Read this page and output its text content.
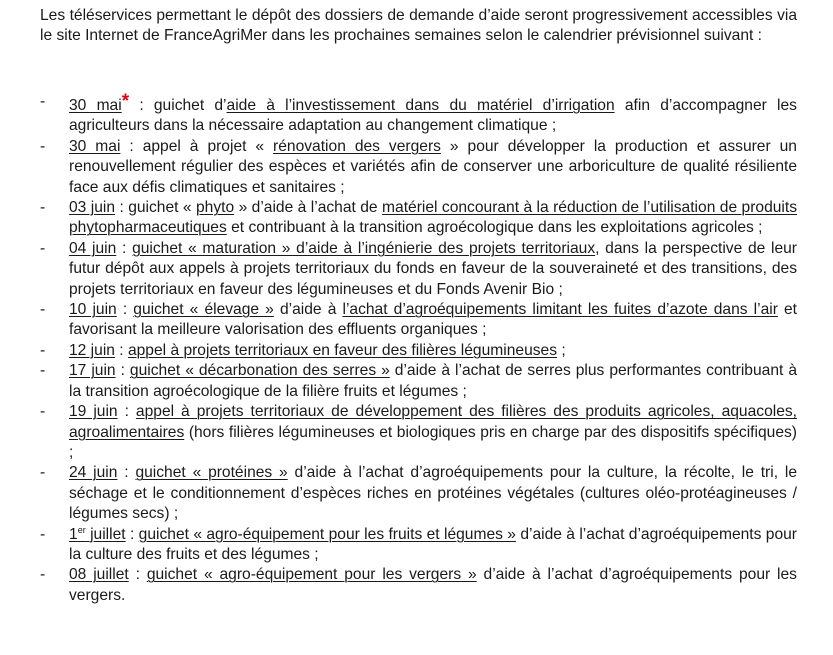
Les téléservices permettant le dépôt des dossiers de demande d’aide seront progressivement accessibles via le site Internet de FranceAgriMer dans les prochaines semaines selon le calendrier prévisionnel suivant :

- 30 mai* : guichet d’aide à l’investissement dans du matériel d’irrigation afin d’accompagner les agriculteurs dans la nécessaire adaptation au changement climatique ;
- 30 mai : appel à projet « rénovation des vergers » pour développer la production et assurer un renouvellement régulier des espèces et variétés afin de conserver une arboriculture de qualité résiliente face aux défis climatiques et sanitaires ;
- 03 juin : guichet « phyto » d’aide à l’achat de matériel concourant à la réduction de l’utilisation de produits phytopharmaceutiques et contribuant à la transition agroécologique dans les exploitations agricoles ;
- 04 juin : guichet « maturation » d’aide à l’ingénierie des projets territoriaux, dans la perspective de leur futur dépôt aux appels à projets territoriaux du fonds en faveur de la souveraineté et des transitions, des projets territoriaux en faveur des légumineuses et du Fonds Avenir Bio ;
- 10 juin : guichet « élevage » d’aide à l’achat d’agroéquipements limitant les fuites d’azote dans l’air et favorisant la meilleure valorisation des effluents organiques ;
- 12 juin : appel à projets territoriaux en faveur des filières légumineuses ;
- 17 juin : guichet « décarbonation des serres » d’aide à l’achat de serres plus performantes contribuant à la transition agroécologique de la filière fruits et légumes ;
- 19 juin : appel à projets territoriaux de développement des filières des produits agricoles, aquacoles, agroalimentaires (hors filières légumineuses et biologiques pris en charge par des dispositifs spécifiques) ;
- 24 juin : guichet « protéines » d’aide à l’achat d’agroéquipements pour la culture, la récolte, le tri, le séchage et le conditionnement d’espèces riches en protéines végétales (cultures oléo-protéagineuses / légumes secs) ;
- 1er juillet : guichet « agro-équipement pour les fruits et légumes » d’aide à l’achat d’agroéquipements pour la culture des fruits et des légumes ;
- 08 juillet : guichet « agro-équipement pour les vergers » d’aide à l’achat d’agroéquipements pour les vergers.
